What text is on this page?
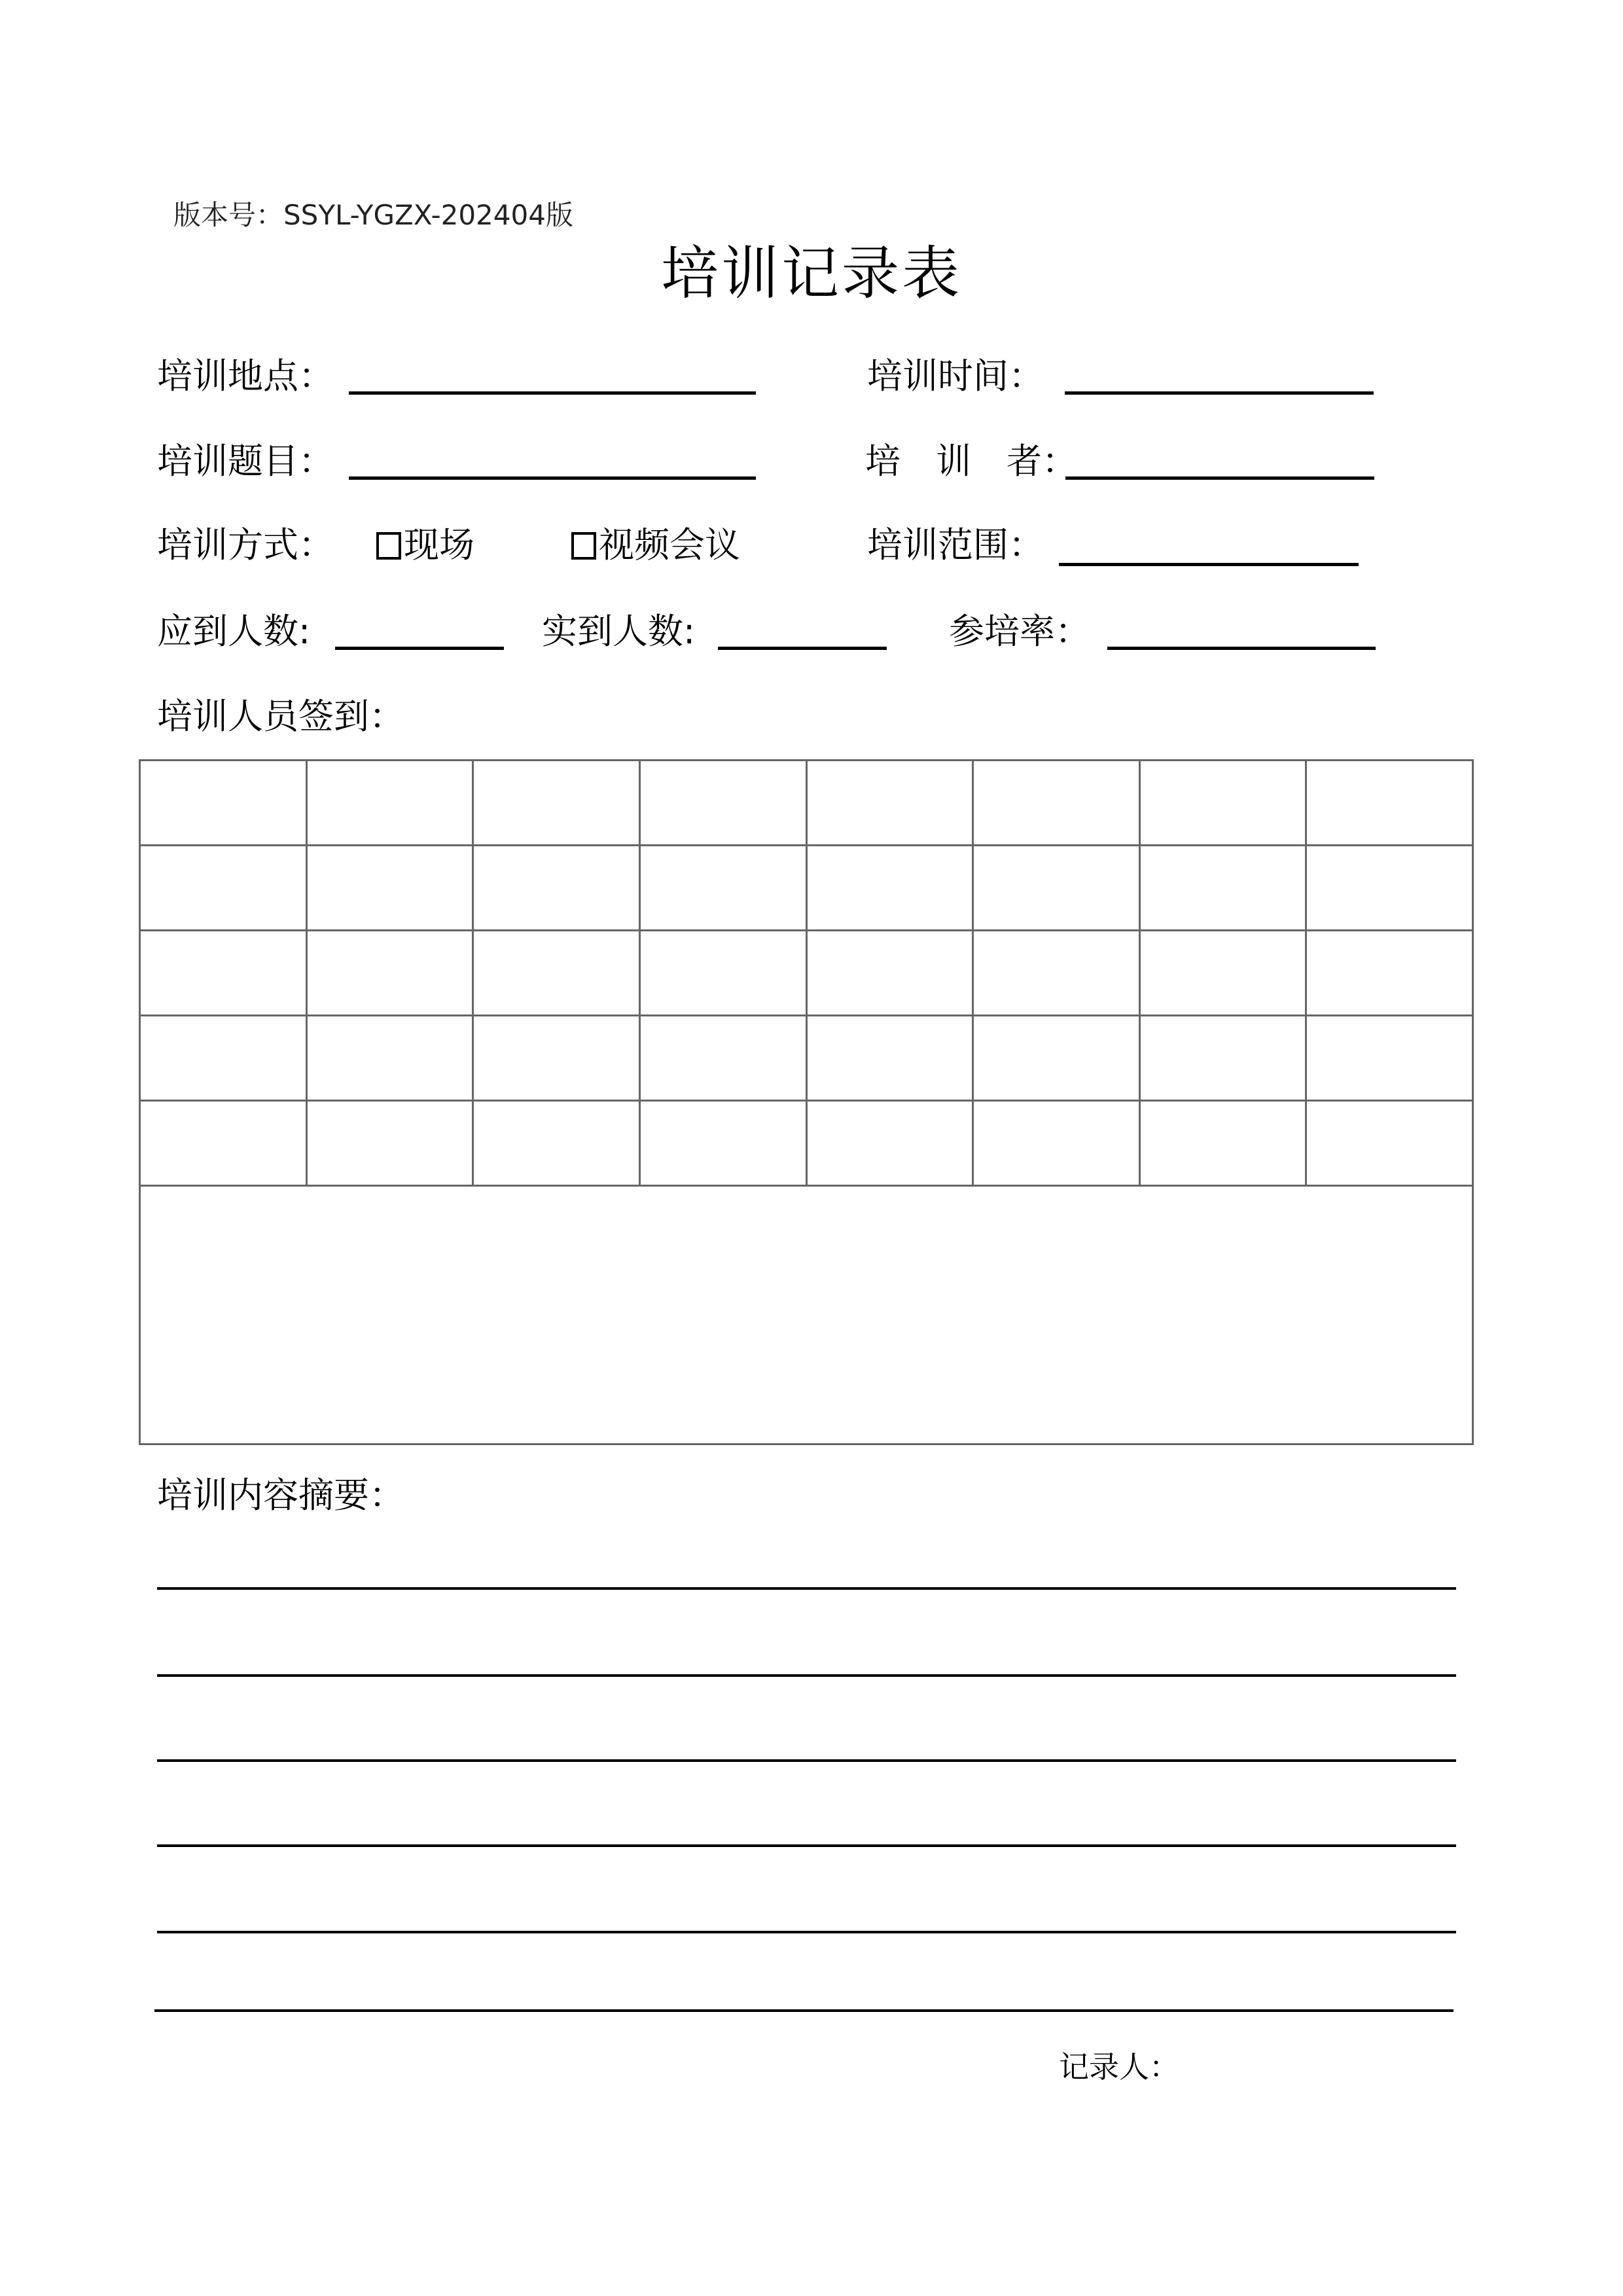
版本号：SSYL-YGZX-202404版
培训记录表
培训地点：	培训时间：
培训题目：	培　训　者：
培训方式：	现场	视频会议	培训范围：
应到人数:	实到人数:	参培率：
培训人员签到：

培训内容摘要：
记录人：
